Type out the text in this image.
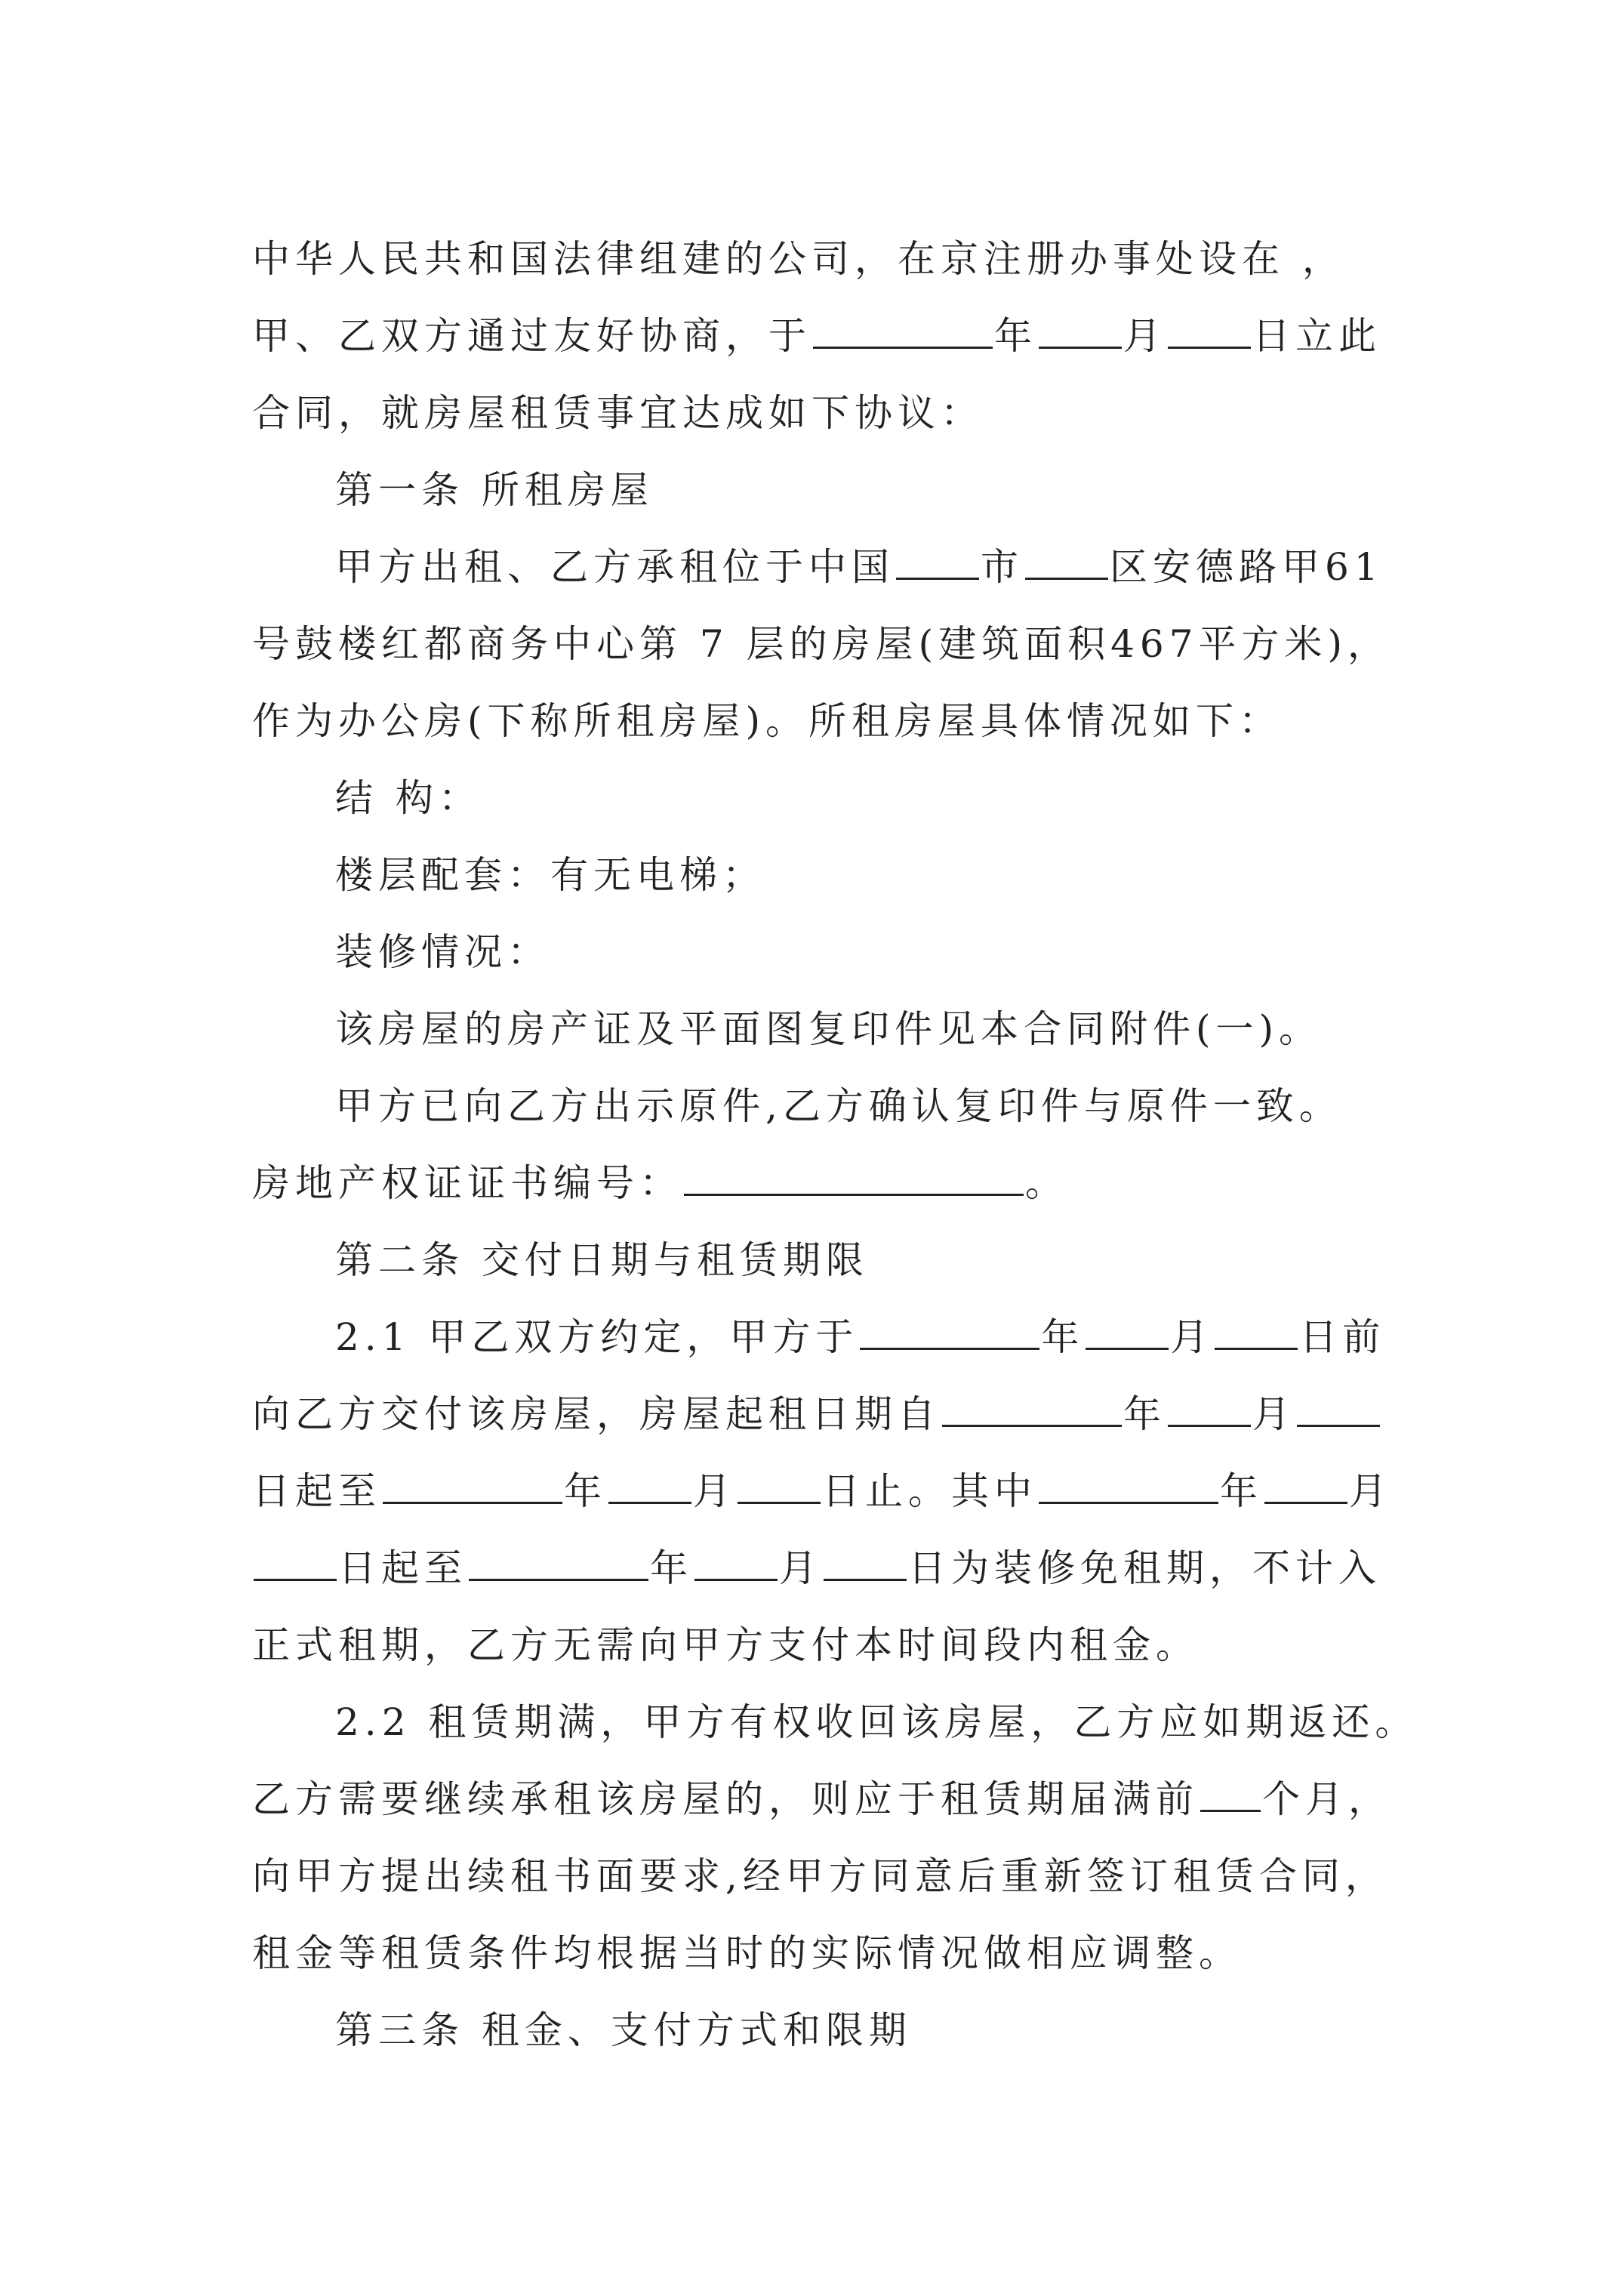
中华人民共和国法律组建的公司，在京注册办事处设在 ，
甲、乙双方通过友好协商，于	年 月 日立此
合同，就房屋租赁事宜达成如下协议：
第一条 所租房屋
甲方出租、乙方承租位于中国 市 区安德路甲61
号鼓楼红都商务中心第 7 层的房屋(建筑面积467平方米)，
作为办公房(下称所租房屋)。所租房屋具体情况如下：
结 构：
楼层配套：有无电梯；
装修情况：
该房屋的房产证及平面图复印件见本合同附件(一)。
甲方已向乙方出示原件,乙方确认复印件与原件一致。
房地产权证证书编号：	。
第二条 交付日期与租赁期限
2.1 甲乙双方约定，甲方于	年 月 日前
向乙方交付该房屋，房屋起租日期自	年 月
日起至	年 月 日止。其中	年 月
日起至	年 月 日为装修免租期，不计入
正式租期，乙方无需向甲方支付本时间段内租金。
2.2 租赁期满，甲方有权收回该房屋，乙方应如期返还。
乙方需要继续承租该房屋的，则应于租赁期届满前 个月，
向甲方提出续租书面要求,经甲方同意后重新签订租赁合同，
租金等租赁条件均根据当时的实际情况做相应调整。
第三条 租金、支付方式和限期
